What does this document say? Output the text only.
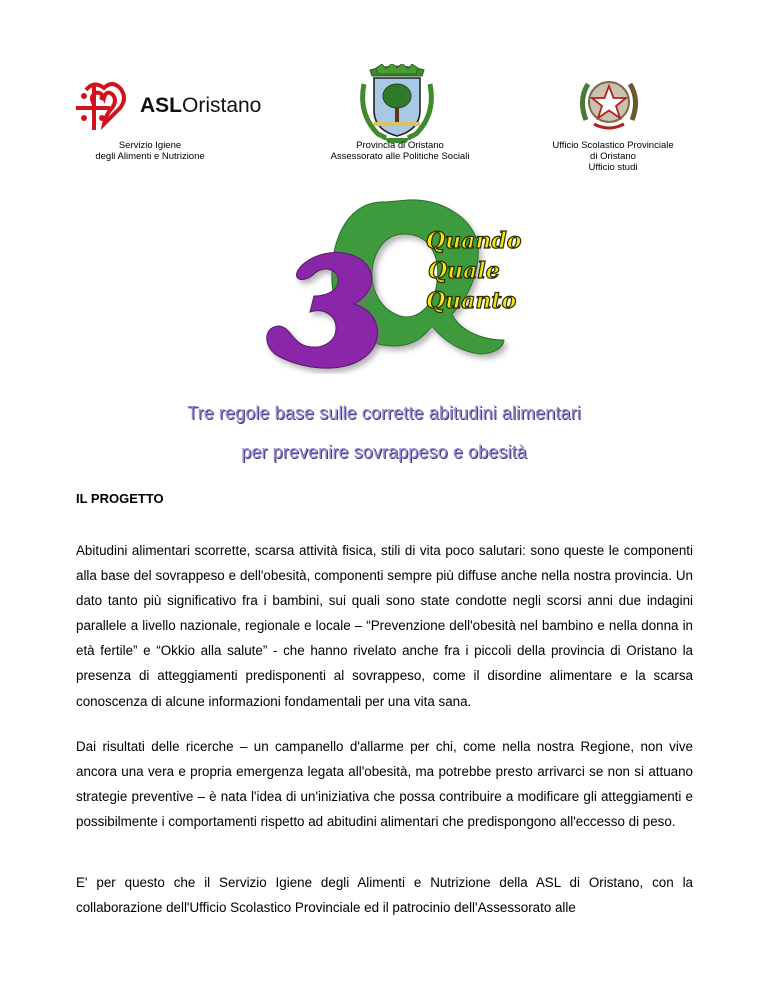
ASLOristano
Servizio Igiene
degli Alimenti e Nutrizione
Provincia di Oristano
Assessorato alle Politiche Sociali
Ufficio Scolastico Provinciale
di Oristano
Ufficio studi
Quando
Quale
Quanto
Tre regole base sulle corrette abitudini alimentari
per prevenire sovrappeso e obesità
IL PROGETTO
Abitudini alimentari scorrette, scarsa attività fisica, stili di vita poco salutari: sono queste le componenti alla base del sovrappeso e dell'obesità, componenti sempre più diffuse anche nella nostra provincia. Un dato tanto più significativo fra i bambini, sui quali sono state condotte negli scorsi anni due indagini parallele a livello nazionale, regionale e locale – “Prevenzione dell'obesità nel bambino e nella donna in età fertile” e “Okkio alla salute” - che hanno rivelato anche fra i piccoli della provincia di Oristano la presenza di atteggiamenti predisponenti al sovrappeso, come il disordine alimentare e la scarsa conoscenza di alcune informazioni fondamentali per una vita sana.
Dai risultati delle ricerche – un campanello d'allarme per chi, come nella nostra Regione, non vive ancora una vera e propria emergenza legata all'obesità, ma potrebbe presto arrivarci se non si attuano strategie preventive – è nata l'idea di un'iniziativa che possa contribuire a modificare gli atteggiamenti e possibilmente i comportamenti rispetto ad abitudini alimentari che predispongono all'eccesso di peso.
E' per questo che il Servizio Igiene degli Alimenti e Nutrizione della ASL di Oristano, con la collaborazione dell'Ufficio Scolastico Provinciale ed il patrocinio dell'Assessorato alle
